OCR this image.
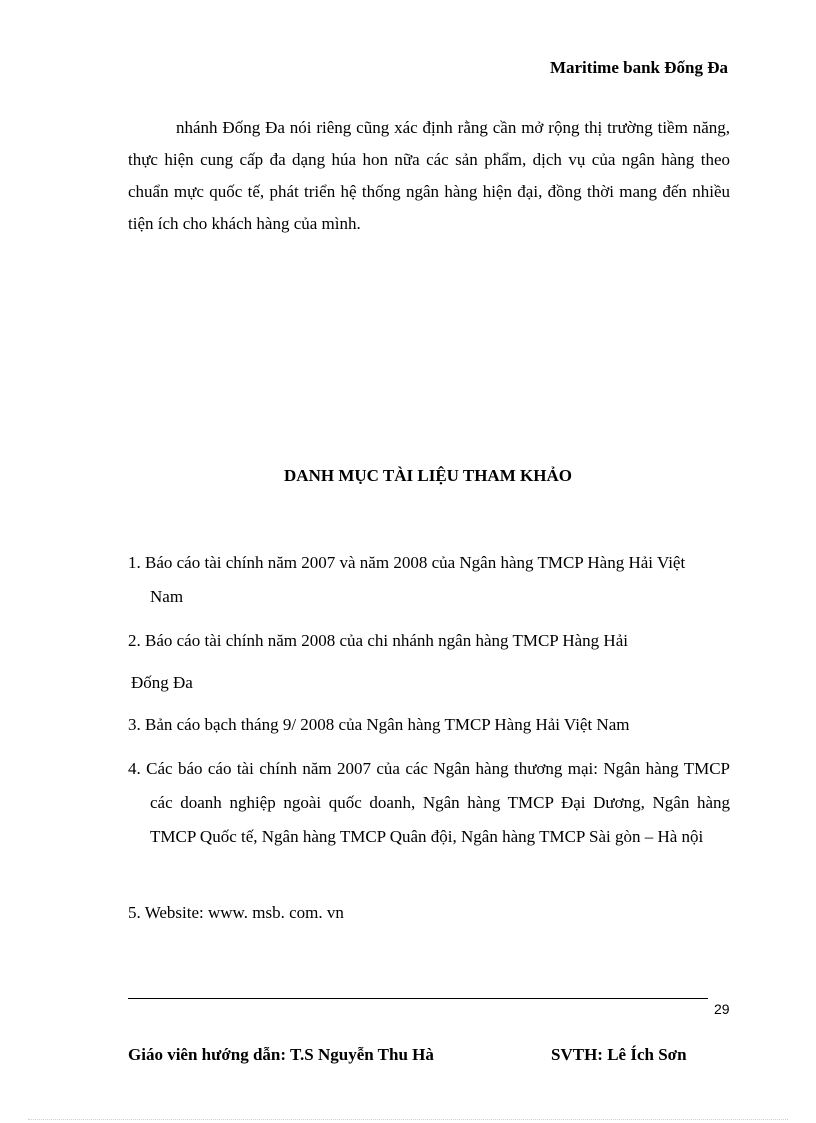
Maritime bank Đống Đa
nhánh Đống Đa nói riêng cũng xác định rằng cần mở rộng thị trường tiềm năng, thực hiện cung cấp đa dạng húa hon nữa các sản phẩm, dịch vụ của ngân hàng theo chuẩn mực quốc tế, phát triển hệ thống ngân hàng hiện đại, đồng thời mang đến nhiều tiện ích cho khách hàng của mình.
DANH MỤC TÀI LIỆU THAM KHẢO
1. Báo cáo tài chính năm 2007 và năm 2008 của Ngân hàng TMCP Hàng Hải Việt
Nam
2. Báo cáo tài chính năm 2008 của chi nhánh ngân hàng TMCP Hàng Hải
Đống Đa
3. Bản cáo bạch tháng 9/ 2008 của Ngân hàng TMCP Hàng Hải Việt Nam
4. Các báo cáo tài chính năm 2007 của các Ngân hàng thương mại: Ngân hàng TMCP các doanh nghiệp ngoài quốc doanh, Ngân hàng TMCP Đại Dương, Ngân hàng TMCP Quốc tế, Ngân hàng TMCP Quân đội, Ngân hàng TMCP Sài gòn – Hà nội
5. Website: www. msb. com. vn
29
Giáo viên hướng dẫn: T.S Nguyễn Thu Hà	SVTH: Lê Ích Sơn
